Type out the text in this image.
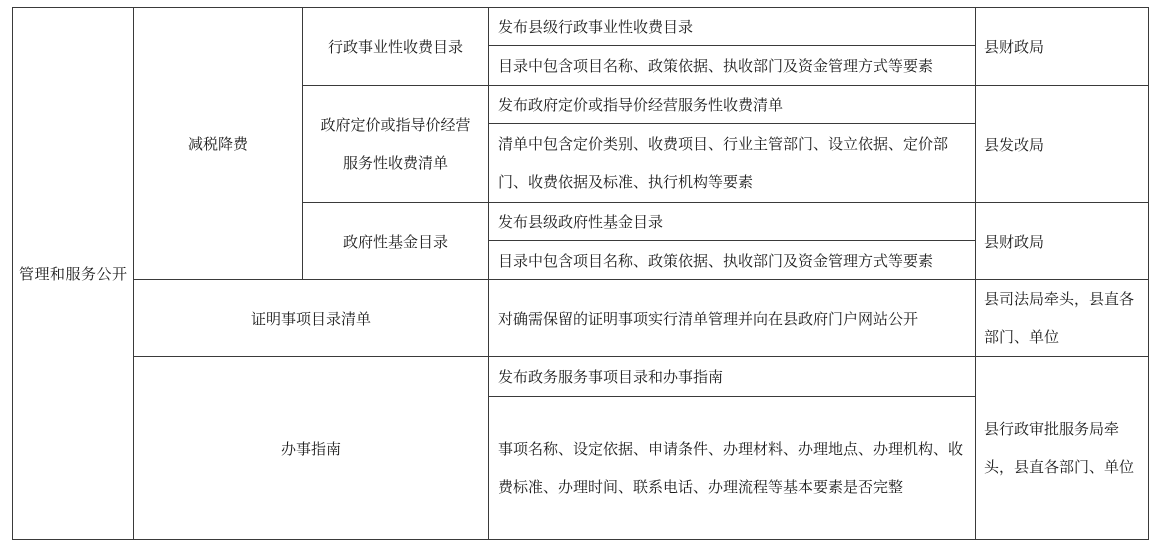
管理和服务公开
减税降费
证明事项目录清单
办事指南
行政事业性收费目录
政府定价或指导价经营
服务性收费清单
政府性基金目录
发布县级行政事业性收费目录
目录中包含项目名称、政策依据、执收部门及资金管理方式等要素
发布政府定价或指导价经营服务性收费清单
清单中包含定价类别、收费项目、行业主管部门、设立依据、定价部门、收费依据及标准、执行机构等要素
发布县级政府性基金目录
目录中包含项目名称、政策依据、执收部门及资金管理方式等要素
对确需保留的证明事项实行清单管理并向在县政府门户网站公开
发布政务服务事项目录和办事指南
事项名称、设定依据、申请条件、办理材料、办理地点、办理机构、收费标准、办理时间、联系电话、办理流程等基本要素是否完整
县财政局
县发改局
县财政局
县司法局牵头，县直各部门、单位
县行政审批服务局牵头，县直各部门、单位
